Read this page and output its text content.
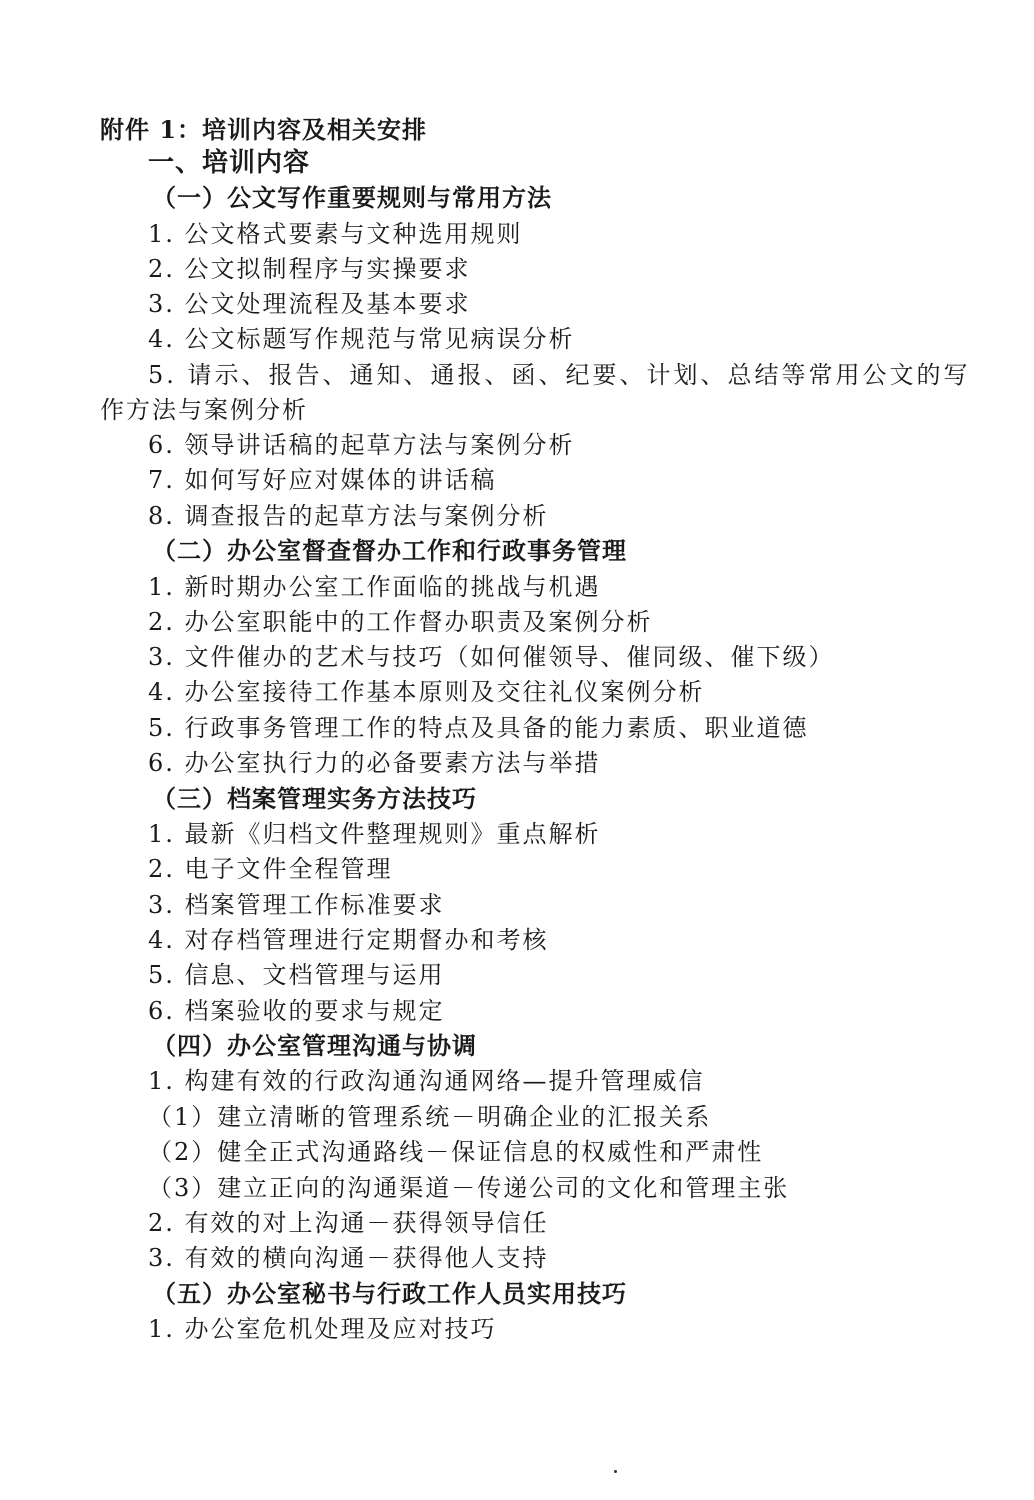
附件 1：培训内容及相关安排
一、培训内容
（一）公文写作重要规则与常用方法
1. 公文格式要素与文种选用规则
2. 公文拟制程序与实操要求
3. 公文处理流程及基本要求
4. 公文标题写作规范与常见病误分析
5. 请示、报告、通知、通报、函、纪要、计划、总结等常用公文的写
作方法与案例分析
6. 领导讲话稿的起草方法与案例分析
7. 如何写好应对媒体的讲话稿
8. 调查报告的起草方法与案例分析
（二）办公室督查督办工作和行政事务管理
1. 新时期办公室工作面临的挑战与机遇
2. 办公室职能中的工作督办职责及案例分析
3. 文件催办的艺术与技巧（如何催领导、催同级、催下级）
4. 办公室接待工作基本原则及交往礼仪案例分析
5. 行政事务管理工作的特点及具备的能力素质、职业道德
6. 办公室执行力的必备要素方法与举措
（三）档案管理实务方法技巧
1. 最新《归档文件整理规则》重点解析
2. 电子文件全程管理
3. 档案管理工作标准要求
4. 对存档管理进行定期督办和考核
5. 信息、文档管理与运用
6. 档案验收的要求与规定
（四）办公室管理沟通与协调
1. 构建有效的行政沟通沟通网络—提升管理威信
（1）建立清晰的管理系统－明确企业的汇报关系
（2）健全正式沟通路线－保证信息的权威性和严肃性
（3）建立正向的沟通渠道－传递公司的文化和管理主张
2. 有效的对上沟通－获得领导信任
3. 有效的横向沟通－获得他人支持
（五）办公室秘书与行政工作人员实用技巧
1. 办公室危机处理及应对技巧
